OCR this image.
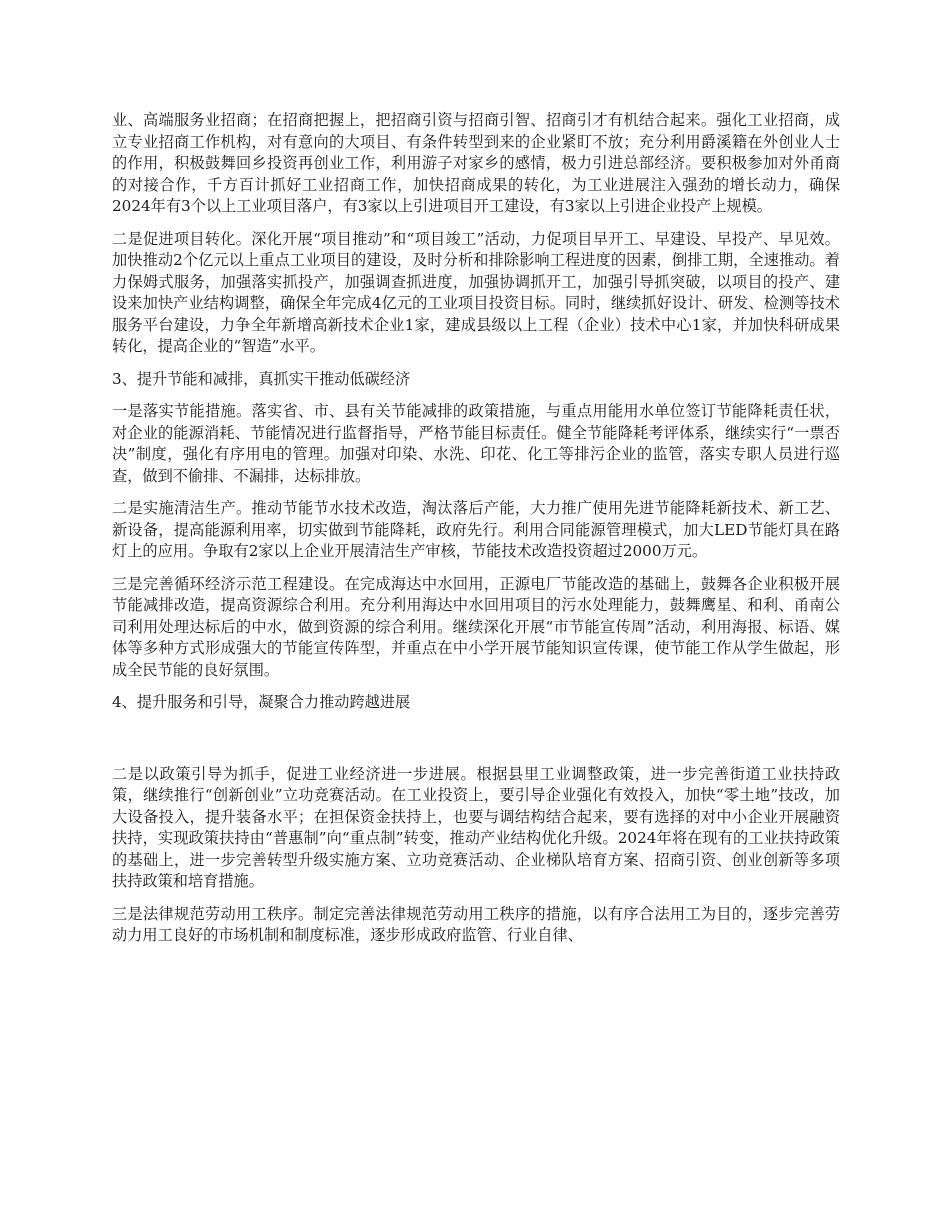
业、高端服务业招商；在招商把握上，把招商引资与招商引智、招商引才有机结合起来。强化工业招商，成立专业招商工作机构，对有意向的大项目、有条件转型到来的企业紧盯不放；充分利用爵溪籍在外创业人士的作用，积极鼓舞回乡投资再创业工作，利用游子对家乡的感情，极力引进总部经济。要积极参加对外甬商的对接合作，千方百计抓好工业招商工作，加快招商成果的转化，为工业进展注入强劲的增长动力，确保2024年有3个以上工业项目落户，有3家以上引进项目开工建设，有3家以上引进企业投产上规模。

二是促进项目转化。深化开展“项目推动”和“项目竣工”活动，力促项目早开工、早建设、早投产、早见效。加快推动2个亿元以上重点工业项目的建设，及时分析和排除影响工程进度的因素，倒排工期，全速推动。着力保姆式服务，加强落实抓投产，加强调查抓进度，加强协调抓开工，加强引导抓突破，以项目的投产、建设来加快产业结构调整，确保全年完成4亿元的工业项目投资目标。同时，继续抓好设计、研发、检测等技术服务平台建设，力争全年新增高新技术企业1家，建成县级以上工程（企业）技术中心1家，并加快科研成果转化，提高企业的“智造”水平。

3、提升节能和减排，真抓实干推动低碳经济

一是落实节能措施。落实省、市、县有关节能减排的政策措施，与重点用能用水单位签订节能降耗责任状，对企业的能源消耗、节能情况进行监督指导，严格节能目标责任。健全节能降耗考评体系，继续实行“一票否决”制度，强化有序用电的管理。加强对印染、水洗、印花、化工等排污企业的监管，落实专职人员进行巡查，做到不偷排、不漏排，达标排放。

二是实施清洁生产。推动节能节水技术改造，淘汰落后产能，大力推广使用先进节能降耗新技术、新工艺、新设备，提高能源利用率，切实做到节能降耗，政府先行。利用合同能源管理模式，加大LED节能灯具在路灯上的应用。争取有2家以上企业开展清洁生产审核，节能技术改造投资超过2000万元。

三是完善循环经济示范工程建设。在完成海达中水回用，正源电厂节能改造的基础上，鼓舞各企业积极开展节能减排改造，提高资源综合利用。充分利用海达中水回用项目的污水处理能力，鼓舞鹰星、和利、甬南公司利用处理达标后的中水，做到资源的综合利用。继续深化开展“市节能宣传周”活动，利用海报、标语、媒体等多种方式形成强大的节能宣传阵型，并重点在中小学开展节能知识宣传课，使节能工作从学生做起，形成全民节能的良好氛围。

4、提升服务和引导，凝聚合力推动跨越进展

二是以政策引导为抓手，促进工业经济进一步进展。根据县里工业调整政策，进一步完善街道工业扶持政策，继续推行“创新创业”立功竞赛活动。在工业投资上，要引导企业强化有效投入，加快“零土地”技改，加大设备投入，提升装备水平；在担保资金扶持上，也要与调结构结合起来，要有选择的对中小企业开展融资扶持，实现政策扶持由“普惠制”向“重点制”转变，推动产业结构优化升级。2024年将在现有的工业扶持政策的基础上，进一步完善转型升级实施方案、立功竞赛活动、企业梯队培育方案、招商引资、创业创新等多项扶持政策和培育措施。

三是法律规范劳动用工秩序。制定完善法律规范劳动用工秩序的措施，以有序合法用工为目的，逐步完善劳动力用工良好的市场机制和制度标准，逐步形成政府监管、行业自律、
